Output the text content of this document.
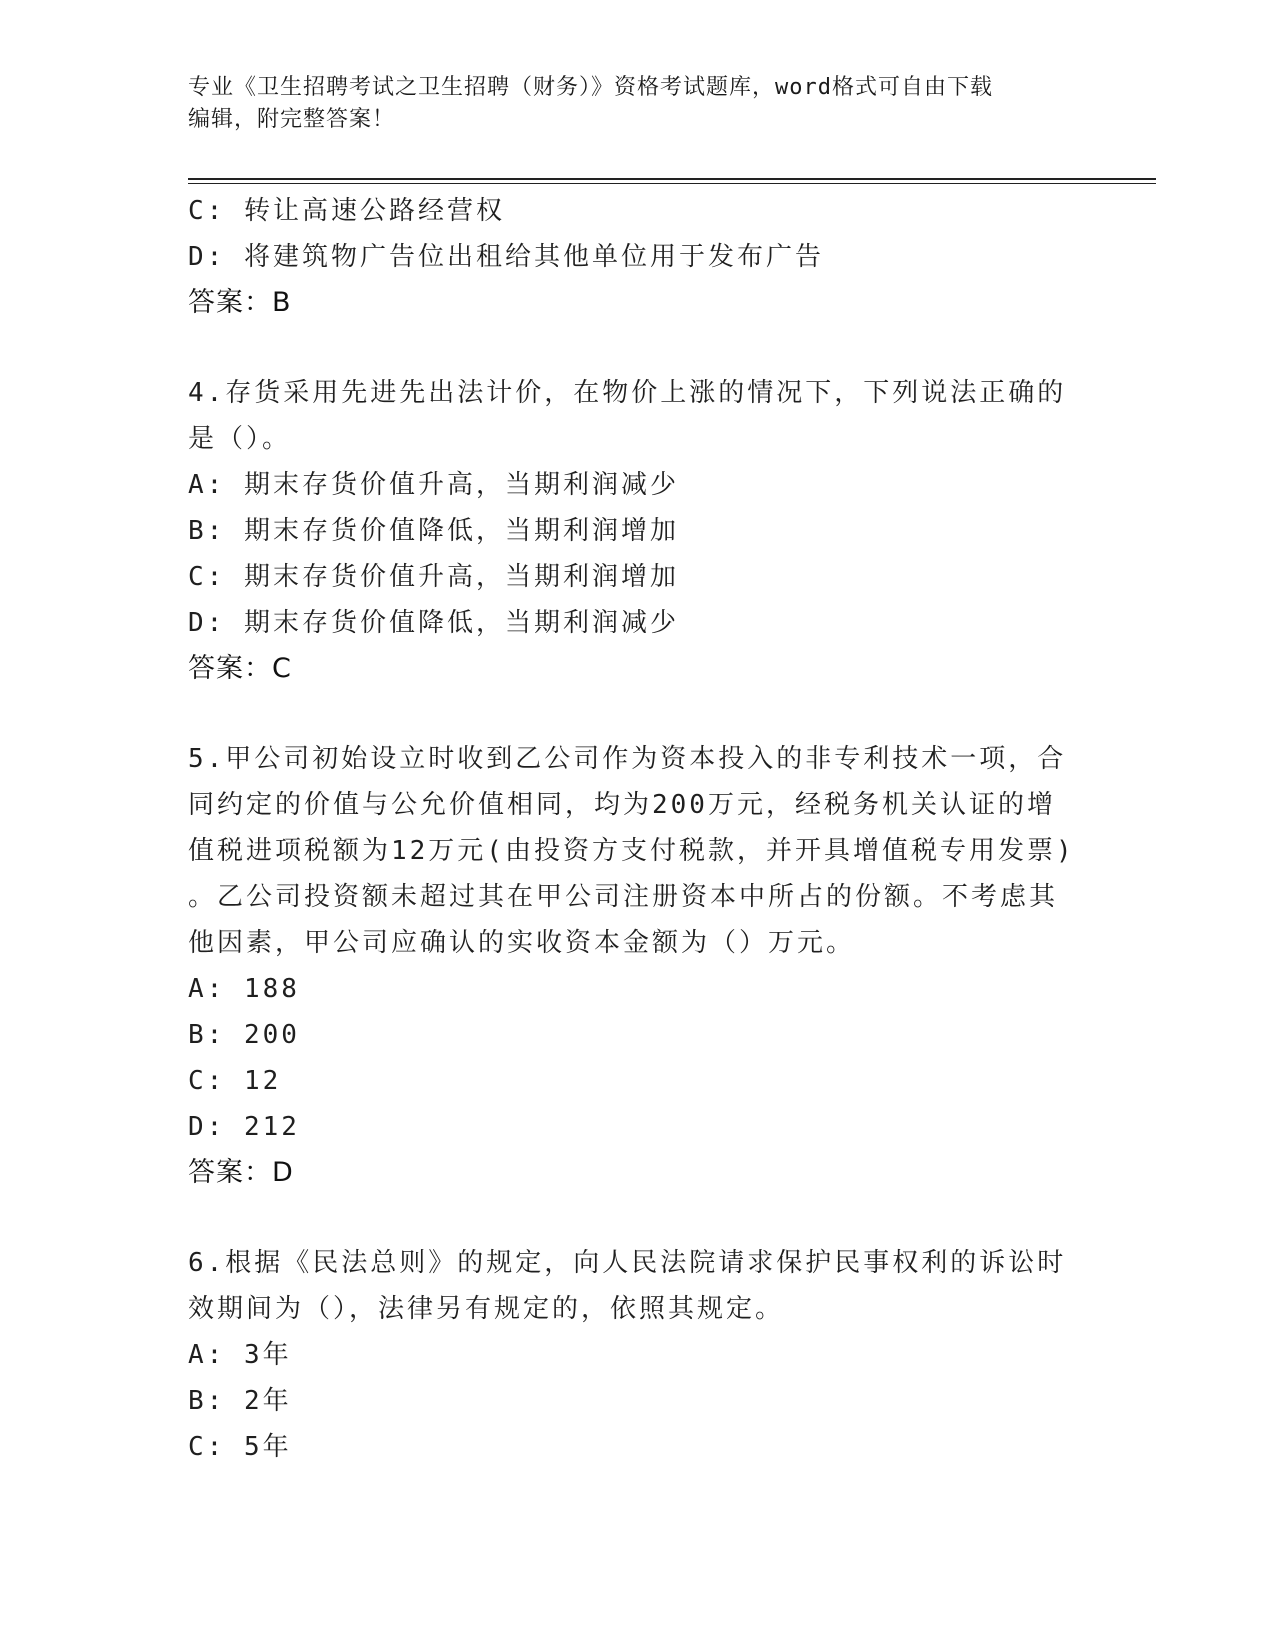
专业《卫生招聘考试之卫生招聘（财务）》资格考试题库，word格式可自由下载
编辑，附完整答案！
C: 转让高速公路经营权
D: 将建筑物广告位出租给其他单位用于发布广告
答案：B
4.存货采用先进先出法计价，在物价上涨的情况下，下列说法正确的
是（）。
A: 期末存货价值升高，当期利润减少
B: 期末存货价值降低，当期利润增加
C: 期末存货价值升高，当期利润增加
D: 期末存货价值降低，当期利润减少
答案：C
5.甲公司初始设立时收到乙公司作为资本投入的非专利技术一项，合
同约定的价值与公允价值相同，均为200万元，经税务机关认证的增
值税进项税额为12万元(由投资方支付税款，并开具增值税专用发票)
。乙公司投资额未超过其在甲公司注册资本中所占的份额。不考虑其
他因素，甲公司应确认的实收资本金额为（）万元。
A: 188
B: 200
C: 12
D: 212
答案：D
6.根据《民法总则》的规定，向人民法院请求保护民事权利的诉讼时
效期间为（），法律另有规定的，依照其规定。
A: 3年
B: 2年
C: 5年
